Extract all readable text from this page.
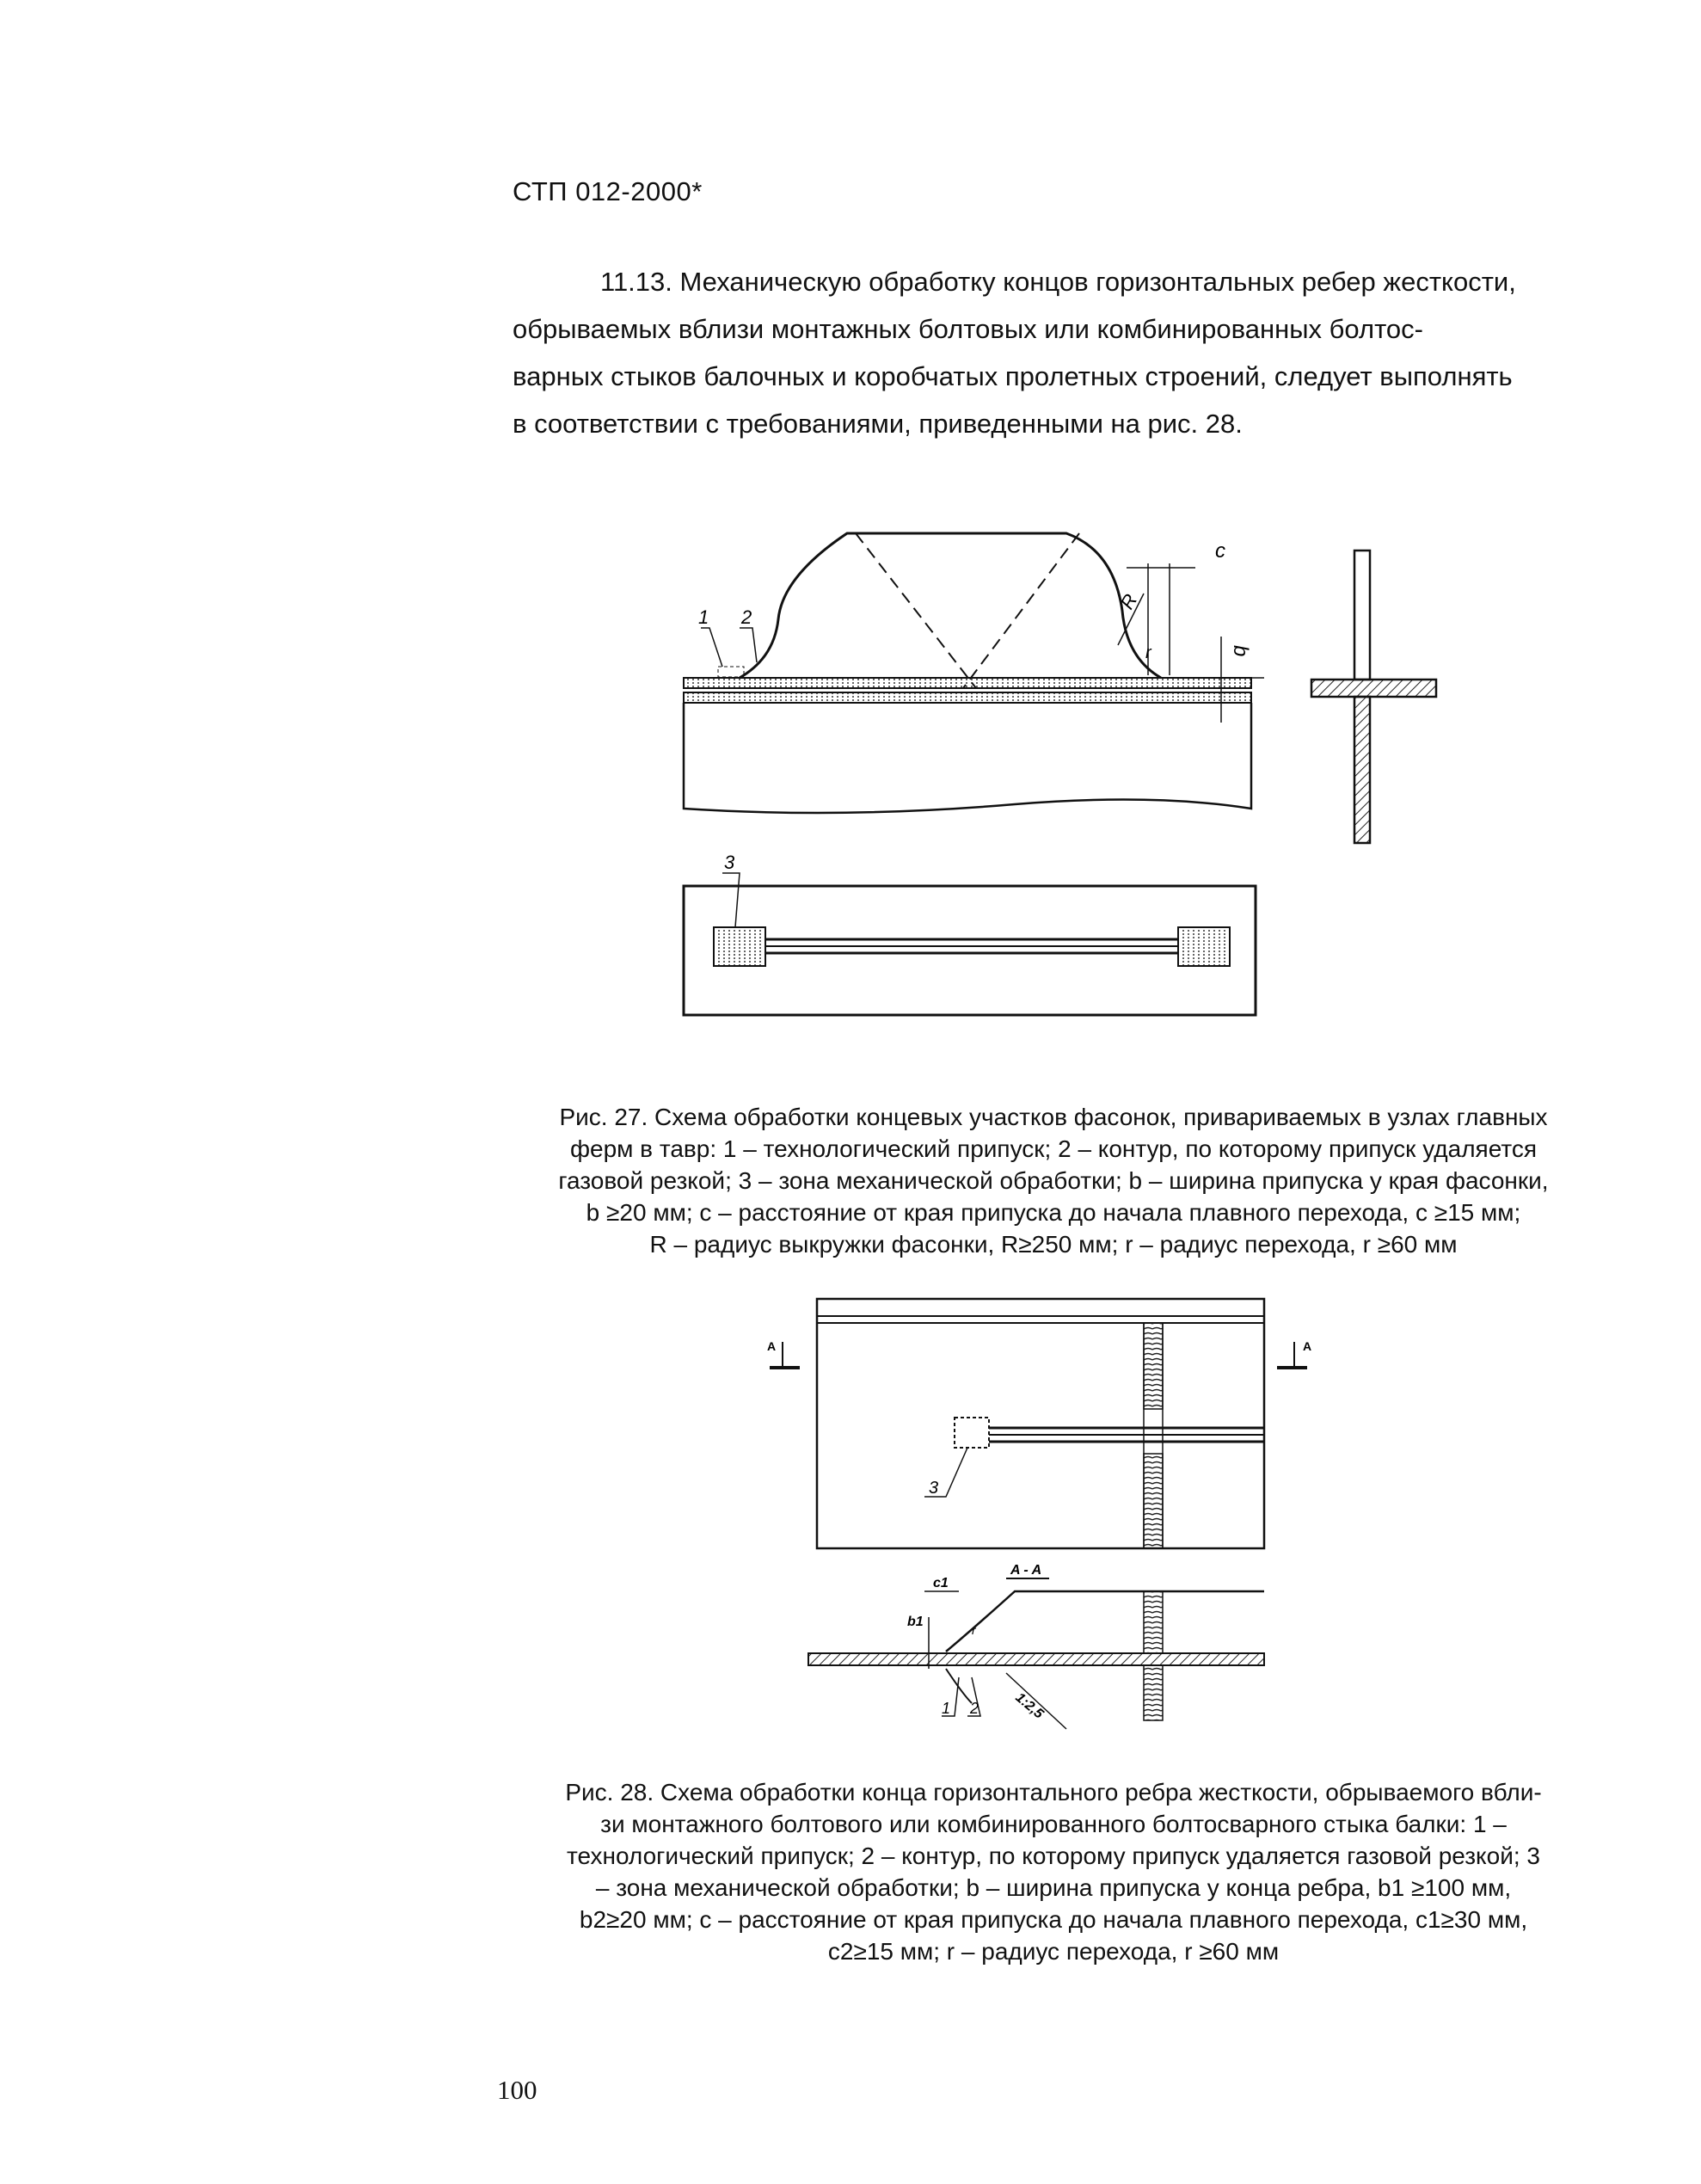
СТП 012-2000*

11.13. Механическую обработку концов горизонтальных ребер жесткости,

обрываемых вблизи монтажных болтовых или комбинированных болтос-

варных стыков балочных и коробчатых пролетных строений, следует выполнять

в соответствии с требованиями, приведенными на рис. 28.

1 2
c
R
r	b
3

Рис. 27. Схема обработки концевых участков фасонок, привариваемых в узлах главных

ферм в тавр: 1 – технологический припуск; 2 – контур, по которому припуск удаляется

газовой резкой; 3 – зона механической обработки; b – ширина припуска у края фасонки,

b ≥20 мм; c – расстояние от края припуска до начала плавного перехода, c ≥15 мм;

R – радиус выкружки фасонки, R≥250 мм; r – радиус перехода, r ≥60 мм

3
A	A
A - A
c1
b1
r
1 2 1:2,5

Рис. 28. Схема обработки конца горизонтального ребра жесткости, обрываемого вбли-

зи монтажного болтового или комбинированного болтосварного стыка балки: 1 –

технологический припуск; 2 – контур, по которому припуск удаляется газовой резкой; 3

– зона механической обработки; b – ширина припуска у конца ребра, b1 ≥100 мм,

b2≥20 мм; c – расстояние от края припуска до начала плавного перехода, c1≥30 мм,

c2≥15 мм; r – радиус перехода, r ≥60 мм

100
